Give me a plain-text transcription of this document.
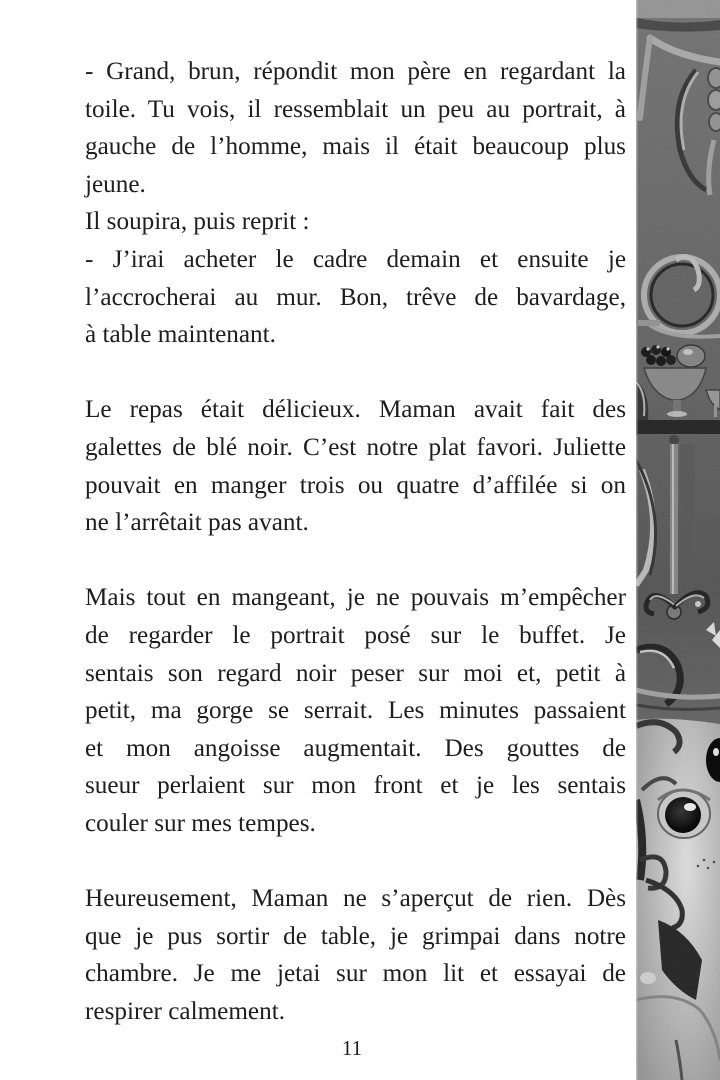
- Grand, brun, répondit mon père en regardant la
toile. Tu vois, il ressemblait un peu au portrait, à
gauche de l’homme, mais il était beaucoup plus
jeune.
Il soupira, puis reprit :
- J’irai acheter le cadre demain et ensuite je
l’accrocherai au mur. Bon, trêve de bavardage,
à table maintenant.

Le repas était délicieux. Maman avait fait des
galettes de blé noir. C’est notre plat favori. Juliette
pouvait en manger trois ou quatre d’affilée si on
ne l’arrêtait pas avant.

Mais tout en mangeant, je ne pouvais m’empêcher
de regarder le portrait posé sur le buffet. Je
sentais son regard noir peser sur moi et, petit à
petit, ma gorge se serrait. Les minutes passaient
et mon angoisse augmentait. Des gouttes de
sueur perlaient sur mon front et je les sentais
couler sur mes tempes.

Heureusement, Maman ne s’aperçut de rien. Dès
que je pus sortir de table, je grimpai dans notre
chambre. Je me jetai sur mon lit et essayai de
respirer calmement.

11
